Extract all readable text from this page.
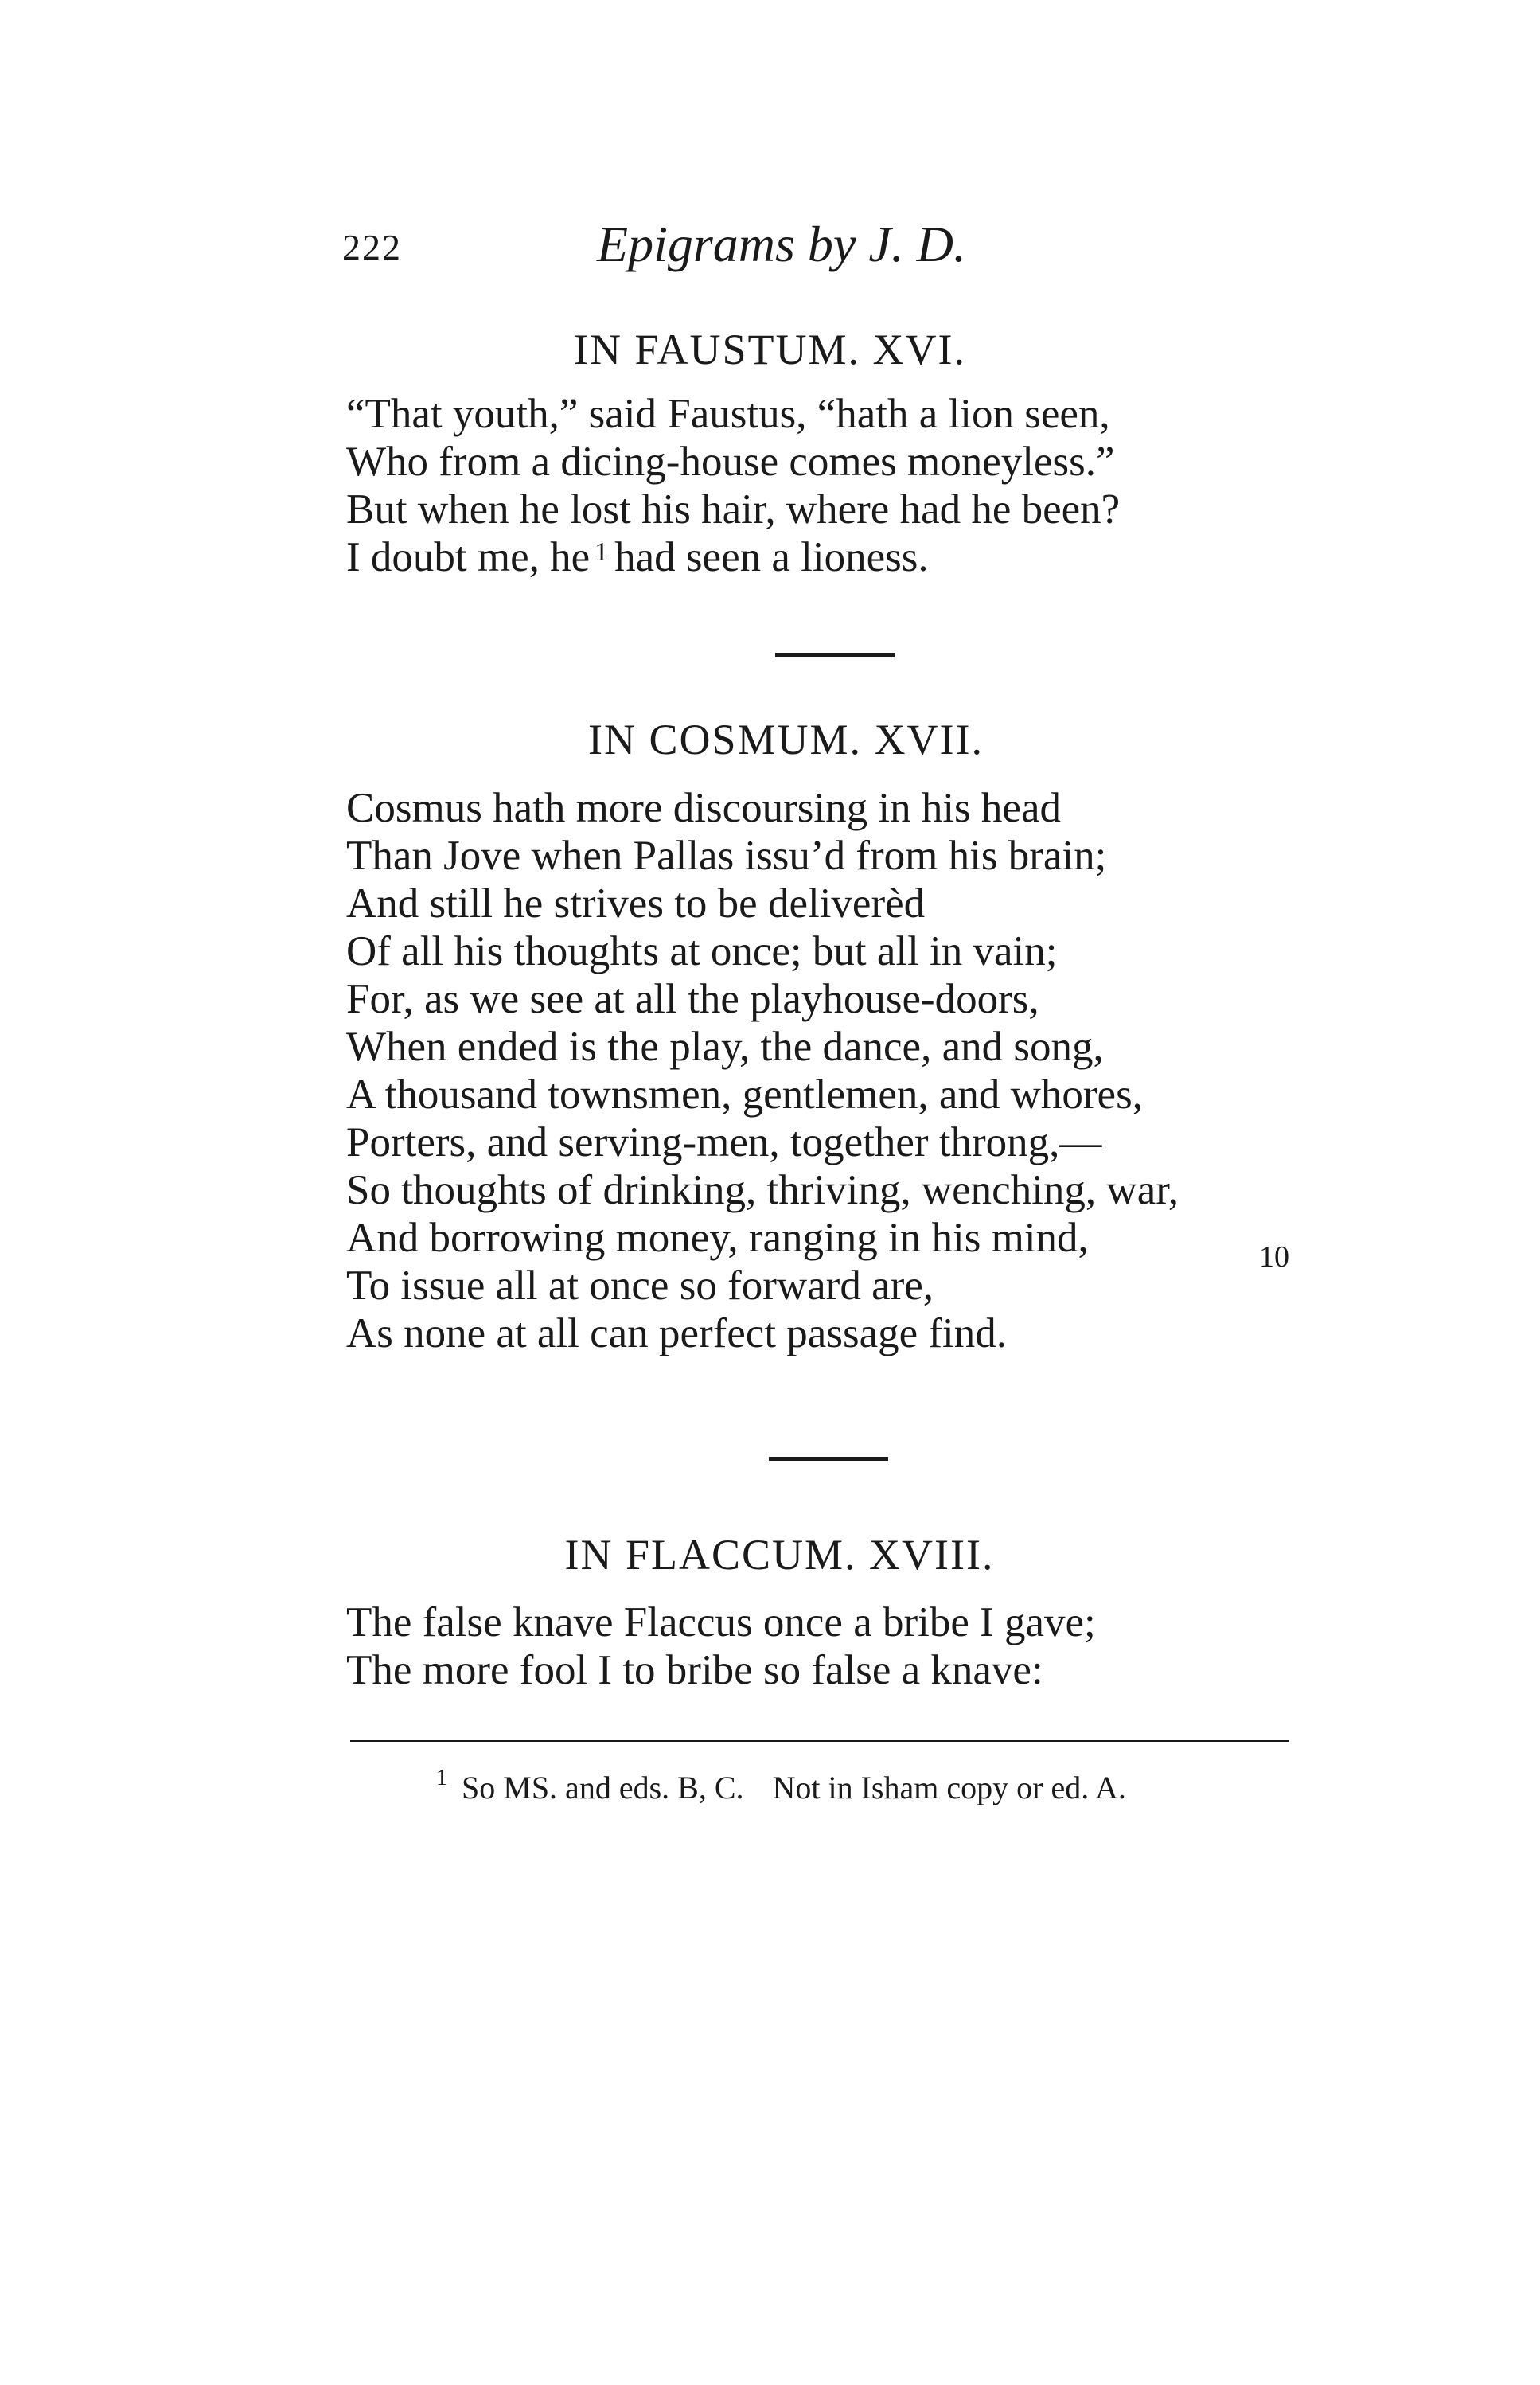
222	Epigrams by J. D.
IN FAUSTUM. XVI.
“That youth,” said Faustus, “hath a lion seen,
Who from a dicing-house comes moneyless.”
But when he lost his hair, where had he been?
I doubt me, he $^1$ had seen a lioness.
IN COSMUM. XVII.
Cosmus hath more discoursing in his head
Than Jove when Pallas issu’d from his brain;
And still he strives to be deliverèd
Of all his thoughts at once; but all in vain;
For, as we see at all the playhouse-doors,
When ended is the play, the dance, and song,
A thousand townsmen, gentlemen, and whores,
Porters, and serving-men, together throng,—
So thoughts of drinking, thriving, wenching, war,
And borrowing money, ranging in his mind,
To issue all at once so forward are,
As none at all can perfect passage find.
10
IN FLACCUM. XVIII.
The false knave Flaccus once a bribe I gave;
The more fool I to bribe so false a knave:
$^1$ So MS. and eds. B, C. Not in Isham copy or ed. A.
